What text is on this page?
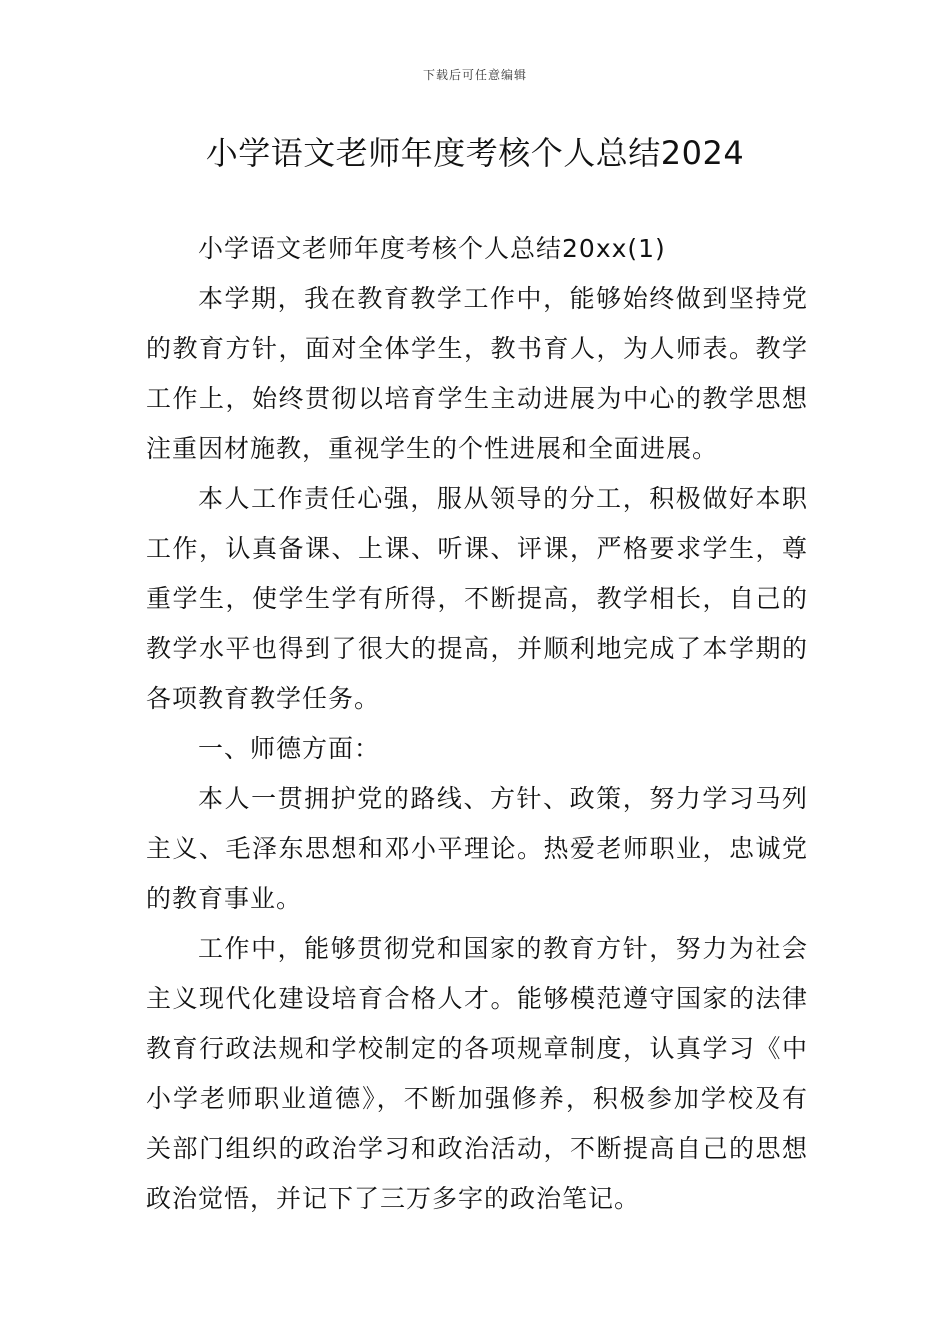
下载后可任意编辑
小学语文老师年度考核个人总结2024

小学语文老师年度考核个人总结20xx(1)

本学期，我在教育教学工作中，能够始终做到坚持党的教育方针，面对全体学生，教书育人，为人师表。教学工作上，始终贯彻以培育学生主动进展为中心的教学思想注重因材施教，重视学生的个性进展和全面进展。

本人工作责任心强，服从领导的分工，积极做好本职工作，认真备课、上课、听课、评课，严格要求学生，尊重学生，使学生学有所得，不断提高，教学相长，自己的教学水平也得到了很大的提高，并顺利地完成了本学期的各项教育教学任务。

一、师德方面：

本人一贯拥护党的路线、方针、政策，努力学习马列主义、毛泽东思想和邓小平理论。热爱老师职业，忠诚党的教育事业。

工作中，能够贯彻党和国家的教育方针，努力为社会主义现代化建设培育合格人才。能够模范遵守国家的法律教育行政法规和学校制定的各项规章制度，认真学习《中小学老师职业道德》，不断加强修养，积极参加学校及有关部门组织的政治学习和政治活动，不断提高自己的思想政治觉悟，并记下了三万多字的政治笔记。
